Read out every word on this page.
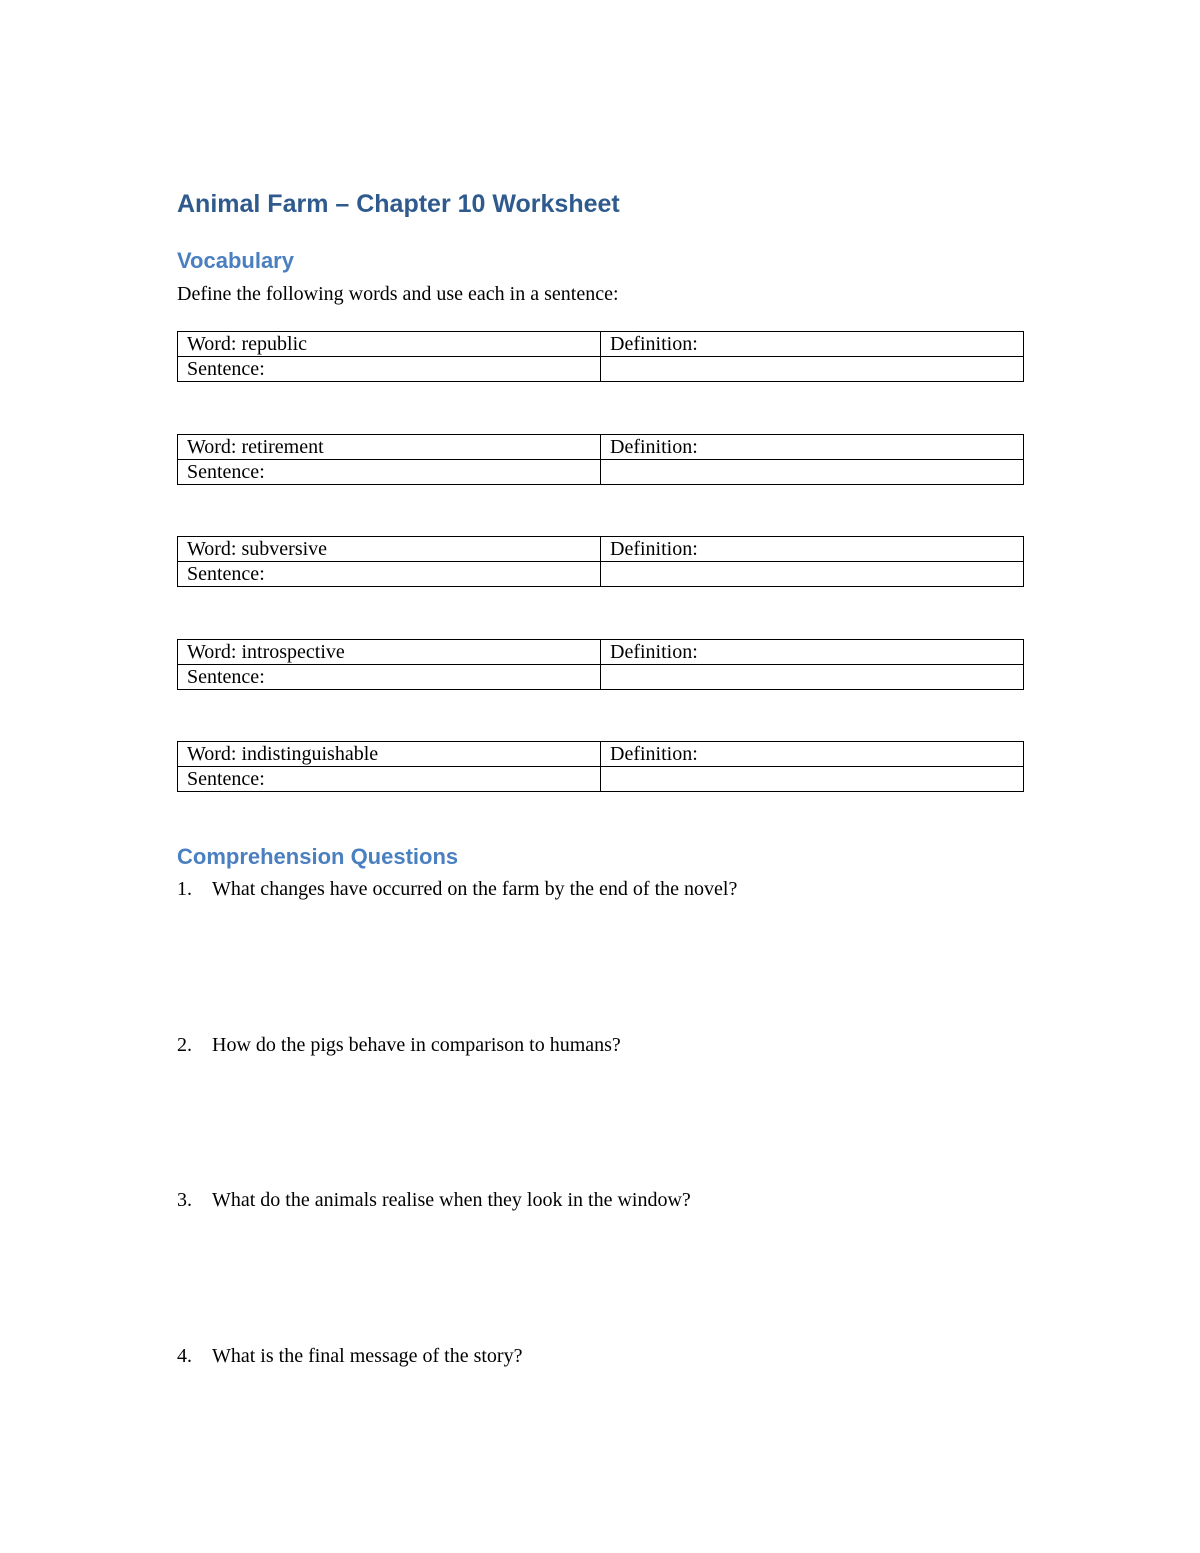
Animal Farm – Chapter 10 Worksheet
Vocabulary

Define the following words and use each in a sentence:

Word: republic	Definition:
Sentence:	
Word: retirement	Definition:
Sentence:	
Word: subversive	Definition:
Sentence:	
Word: introspective	Definition:
Sentence:	
Word: indistinguishable	Definition:
Sentence:	
Comprehension Questions
1. What changes have occurred on the farm by the end of the novel?
2. How do the pigs behave in comparison to humans?
3. What do the animals realise when they look in the window?
4. What is the final message of the story?
